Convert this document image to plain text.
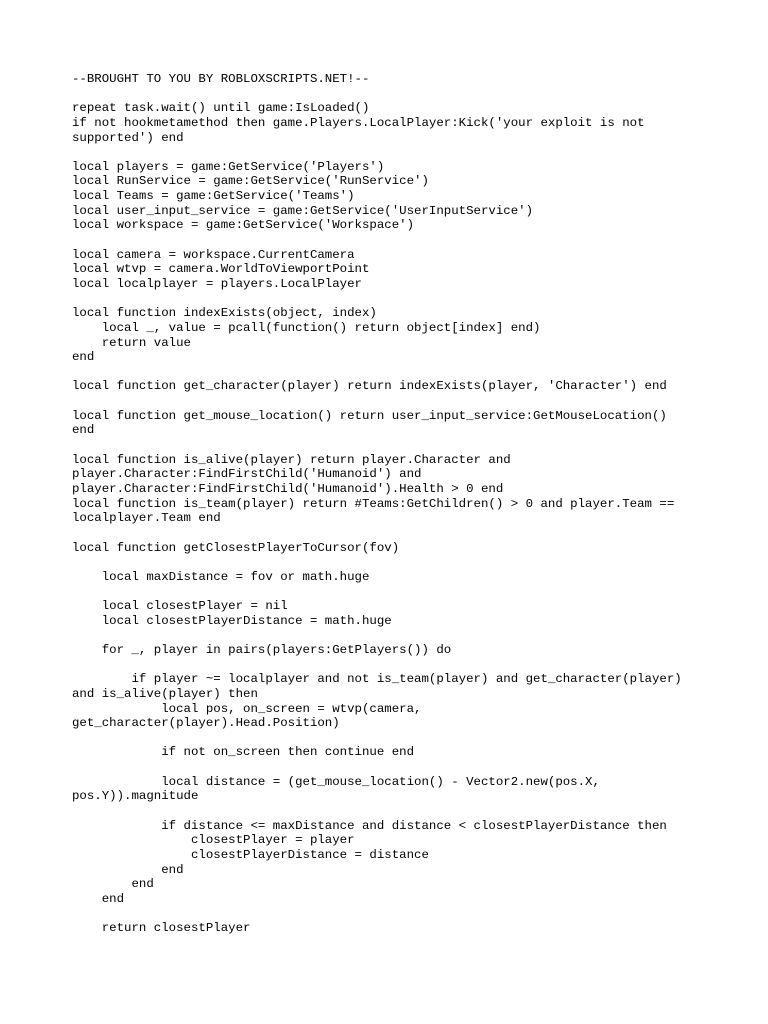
--BROUGHT TO YOU BY ROBLOXSCRIPTS.NET!--
repeat task.wait() until game:IsLoaded()
if not hookmetamethod then game.Players.LocalPlayer:Kick('your exploit is not
supported') end
local players = game:GetService('Players')
local RunService = game:GetService('RunService')
local Teams = game:GetService('Teams')
local user_input_service = game:GetService('UserInputService')
local workspace = game:GetService('Workspace')
local camera = workspace.CurrentCamera
local wtvp = camera.WorldToViewportPoint
local localplayer = players.LocalPlayer
local function indexExists(object, index)
local _, value = pcall(function() return object[index] end)
return value
end
local function get_character(player) return indexExists(player, 'Character') end
local function get_mouse_location() return user_input_service:GetMouseLocation()
end
local function is_alive(player) return player.Character and
player.Character:FindFirstChild('Humanoid') and
player.Character:FindFirstChild('Humanoid').Health > 0 end
local function is_team(player) return #Teams:GetChildren() > 0 and player.Team ==
localplayer.Team end
local function getClosestPlayerToCursor(fov)
local maxDistance = fov or math.huge
local closestPlayer = nil
local closestPlayerDistance = math.huge
for _, player in pairs(players:GetPlayers()) do
if player ~= localplayer and not is_team(player) and get_character(player)
and is_alive(player) then
local pos, on_screen = wtvp(camera,
get_character(player).Head.Position)
if not on_screen then continue end
local distance = (get_mouse_location() - Vector2.new(pos.X,
pos.Y)).magnitude
if distance <= maxDistance and distance < closestPlayerDistance then
closestPlayer = player
closestPlayerDistance = distance
end
end
end
return closestPlayer
